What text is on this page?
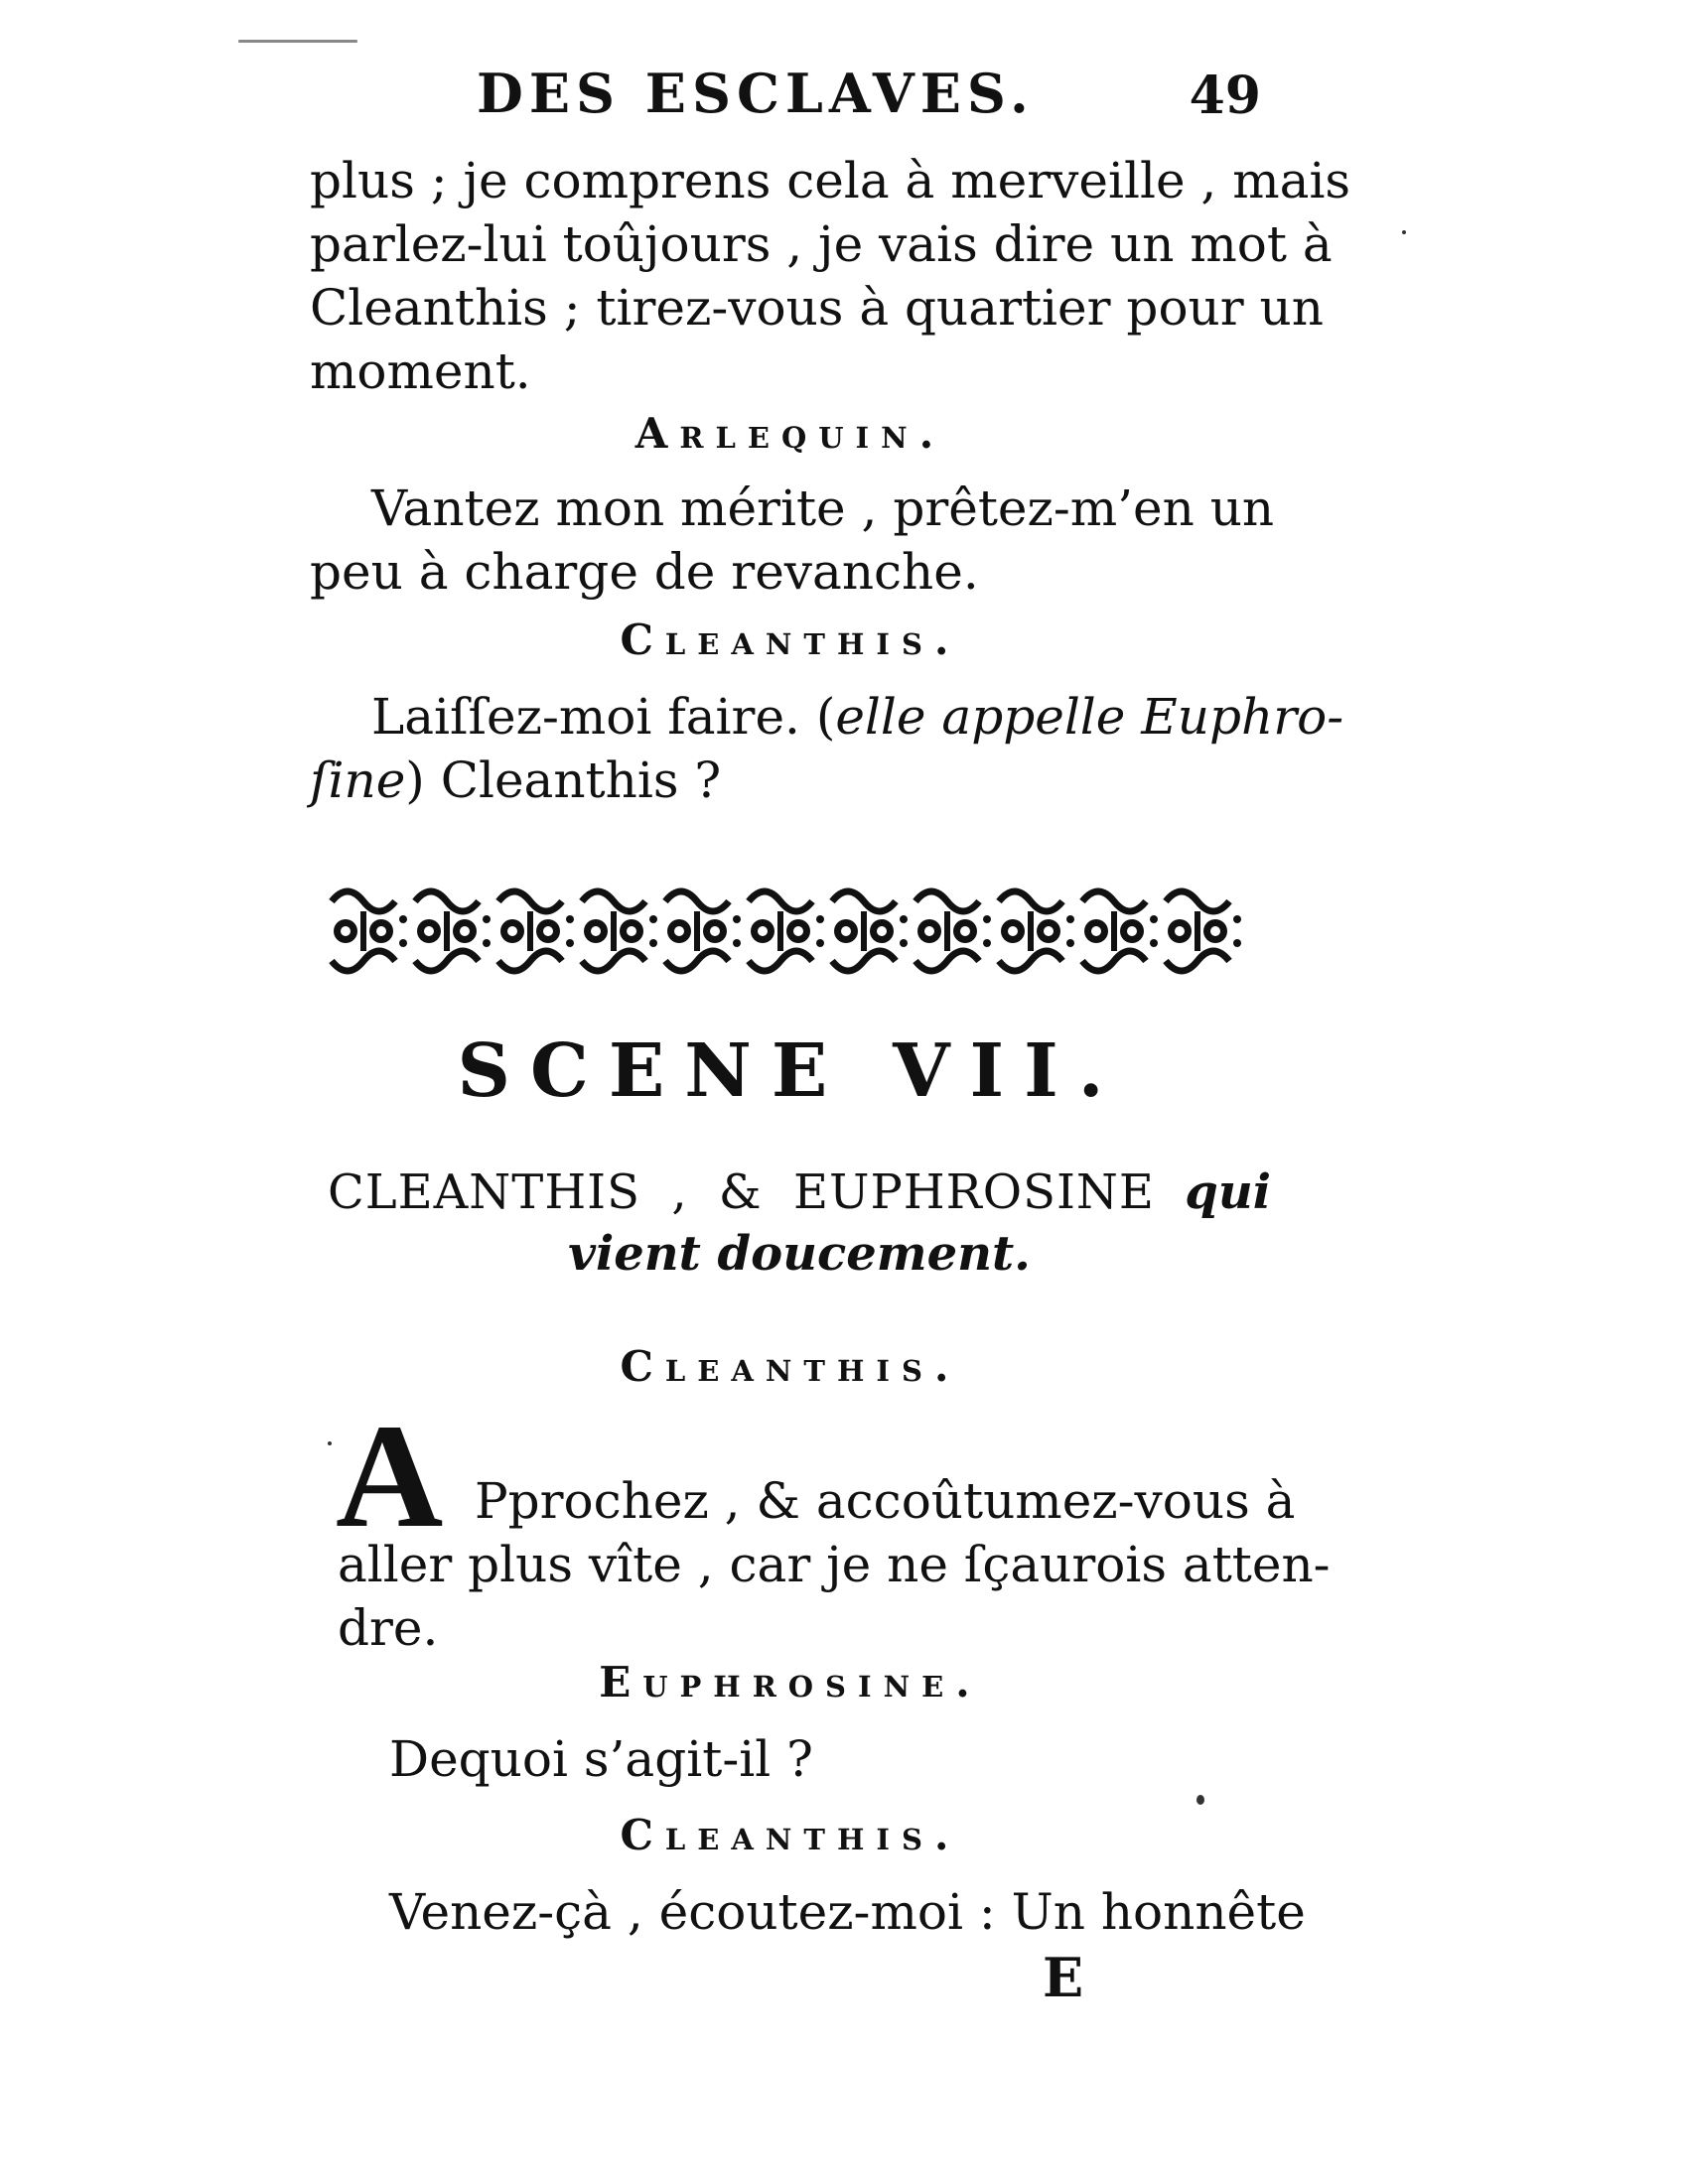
DES ESCLAVES.	49
plus ; je comprens cela à merveille , mais
parlez-lui toûjours , je vais dire un mot à
Cleanthis ; tirez-vous à quartier pour un
moment.
Arlequin.
Vantez mon mérite , prêtez-m’en un
peu à charge de revanche.
Cleanthis.
Laiſſez-moi faire. (elle appelle Euphro-
ſine) Cleanthis ?
SCENE VII.
CLEANTHIS , & EUPHROSINE qui
vient doucement.
Cleanthis.
A Pprochez , & accoûtumez-vous à
aller plus vîte , car je ne ſçaurois atten-
dre.
Euphrosine.
Dequoi s’agit-il ?
Cleanthis.
Venez-çà , écoutez-moi : Un honnête
E
